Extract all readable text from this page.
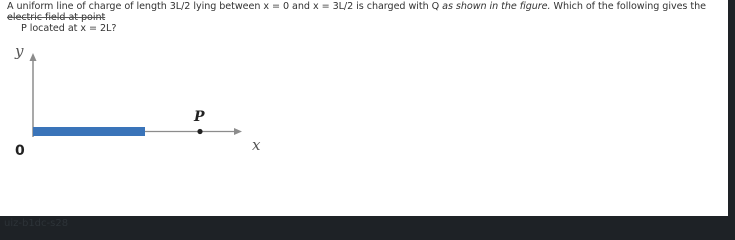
A uniform line of charge of length 3L/2 lying between x = 0 and x = 3L/2 is charged with Q as shown in the figure. Which of the following gives the electric field at point
P located at x = 2L?
y
x
0
P
uiz-b1dc-s28
